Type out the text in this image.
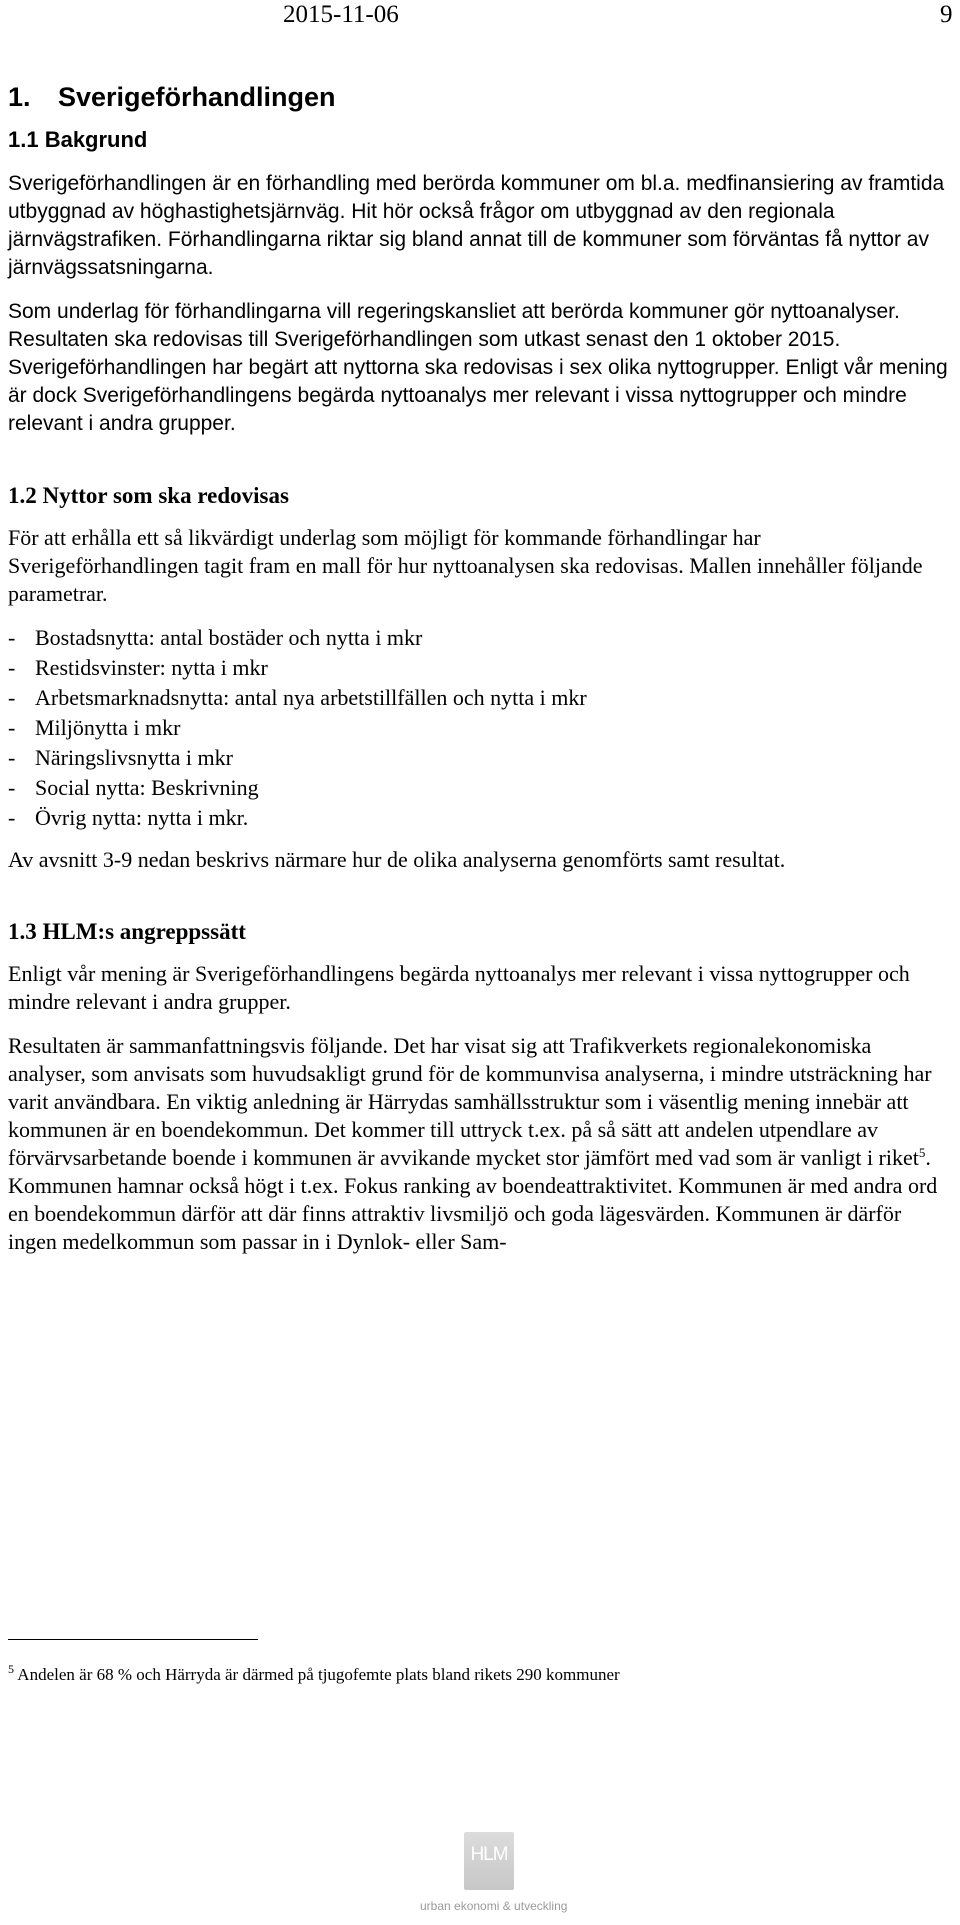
2015-11-06	9
1. Sverigeförhandlingen
1.1 Bakgrund

Sverigeförhandlingen är en förhandling med berörda kommuner om bl.a. medfinansiering av framtida utbyggnad av höghastighetsjärnväg. Hit hör också frågor om utbyggnad av den regionala järnvägstrafiken. Förhandlingarna riktar sig bland annat till de kommuner som förväntas få nyttor av järnvägssatsningarna.

Som underlag för förhandlingarna vill regeringskansliet att berörda kommuner gör nyttoanalyser. Resultaten ska redovisas till Sverigeförhandlingen som utkast senast den 1 oktober 2015. Sverigeförhandlingen har begärt att nyttorna ska redovisas i sex olika nyttogrupper. Enligt vår mening är dock Sverigeförhandlingens begärda nyttoanalys mer relevant i vissa nyttogrupper och mindre relevant i andra grupper.

1.2 Nyttor som ska redovisas

För att erhålla ett så likvärdigt underlag som möjligt för kommande förhandlingar har Sverigeförhandlingen tagit fram en mall för hur nyttoanalysen ska redovisas. Mallen innehåller följande parametrar.

- Bostadsnytta: antal bostäder och nytta i mkr
- Restidsvinster: nytta i mkr
- Arbetsmarknadsnytta: antal nya arbetstillfällen och nytta i mkr
- Miljönytta i mkr
- Näringslivsnytta i mkr
- Social nytta: Beskrivning
- Övrig nytta: nytta i mkr.

Av avsnitt 3-9 nedan beskrivs närmare hur de olika analyserna genomförts samt resultat.

1.3 HLM:s angreppssätt

Enligt vår mening är Sverigeförhandlingens begärda nyttoanalys mer relevant i vissa nyttogrupper och mindre relevant i andra grupper.

Resultaten är sammanfattningsvis följande. Det har visat sig att Trafikverkets regionalekonomiska analyser, som anvisats som huvudsakligt grund för de kommunvisa analyserna, i mindre utsträckning har varit användbara. En viktig anledning är Härrydas samhällsstruktur som i väsentlig mening innebär att kommunen är en boendekommun. Det kommer till uttryck t.ex. på så sätt att andelen utpendlare av förvärvsarbetande boende i kommunen är avvikande mycket stor jämfört med vad som är vanligt i riket$^5$. Kommunen hamnar också högt i t.ex. Fokus ranking av boendeattraktivitet. Kommunen är med andra ord en boendekommun därför att där finns attraktiv livsmiljö och goda lägesvärden. Kommunen är därför ingen medelkommun som passar in i Dynlok- eller Sam-

$^5$ Andelen är 68 % och Härryda är därmed på tjugofemte plats bland rikets 290 kommuner
HLM
urban ekonomi & utveckling
